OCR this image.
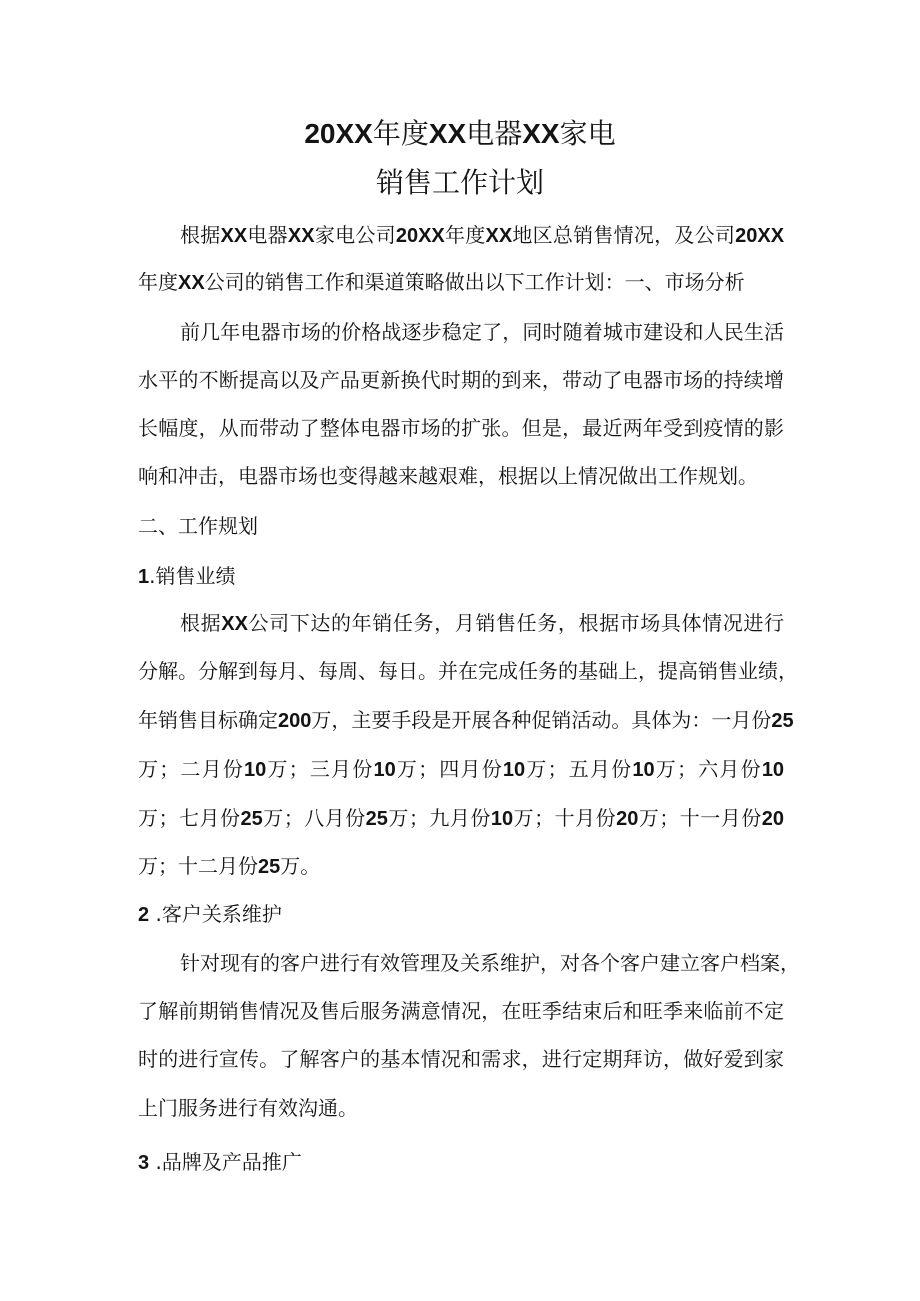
20XX年度XX电器XX家电
销售工作计划
根据XX电器XX家电公司20XX年度XX地区总销售情况，及公司20XX
年度XX公司的销售工作和渠道策略做出以下工作计划：一、市场分析
前几年电器市场的价格战逐步稳定了，同时随着城市建设和人民生活
水平的不断提高以及产品更新换代时期的到来，带动了电器市场的持续增
长幅度，从而带动了整体电器市场的扩张。但是，最近两年受到疫情的影
响和冲击，电器市场也变得越来越艰难，根据以上情况做出工作规划。
二、工作规划
1.销售业绩
根据XX公司下达的年销任务，月销售任务，根据市场具体情况进行
分解。分解到每月、每周、每日。并在完成任务的基础上，提高销售业绩，
年销售目标确定200万，主要手段是开展各种促销活动。具体为：一月份25
万；二月份10万；三月份10万；四月份10万；五月份10万；六月份10
万；七月份25万；八月份25万；九月份10万；十月份20万；十一月份20
万；十二月份25万。
2 .客户关系维护
针对现有的客户进行有效管理及关系维护，对各个客户建立客户档案，
了解前期销售情况及售后服务满意情况，在旺季结束后和旺季来临前不定
时的进行宣传。了解客户的基本情况和需求，进行定期拜访，做好爱到家
上门服务进行有效沟通。
3 .品牌及产品推广
